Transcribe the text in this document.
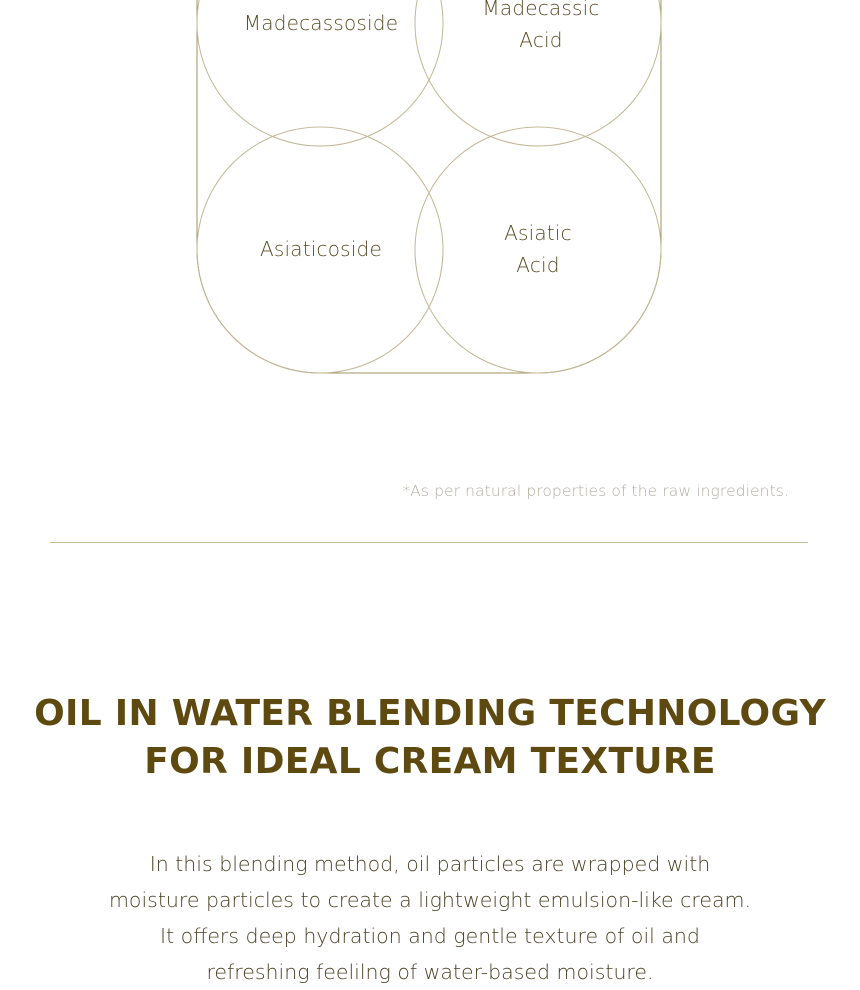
Madecassoside
Madecassic
Acid
Asiaticoside
Asiatic
Acid
*As per natural properties of the raw ingredients.
OIL IN WATER BLENDING TECHNOLOGY
FOR IDEAL CREAM TEXTURE
In this blending method, oil particles are wrapped with
moisture particles to create a lightweight emulsion-like cream.
It offers deep hydration and gentle texture of oil and
refreshing feelilng of water-based moisture.
